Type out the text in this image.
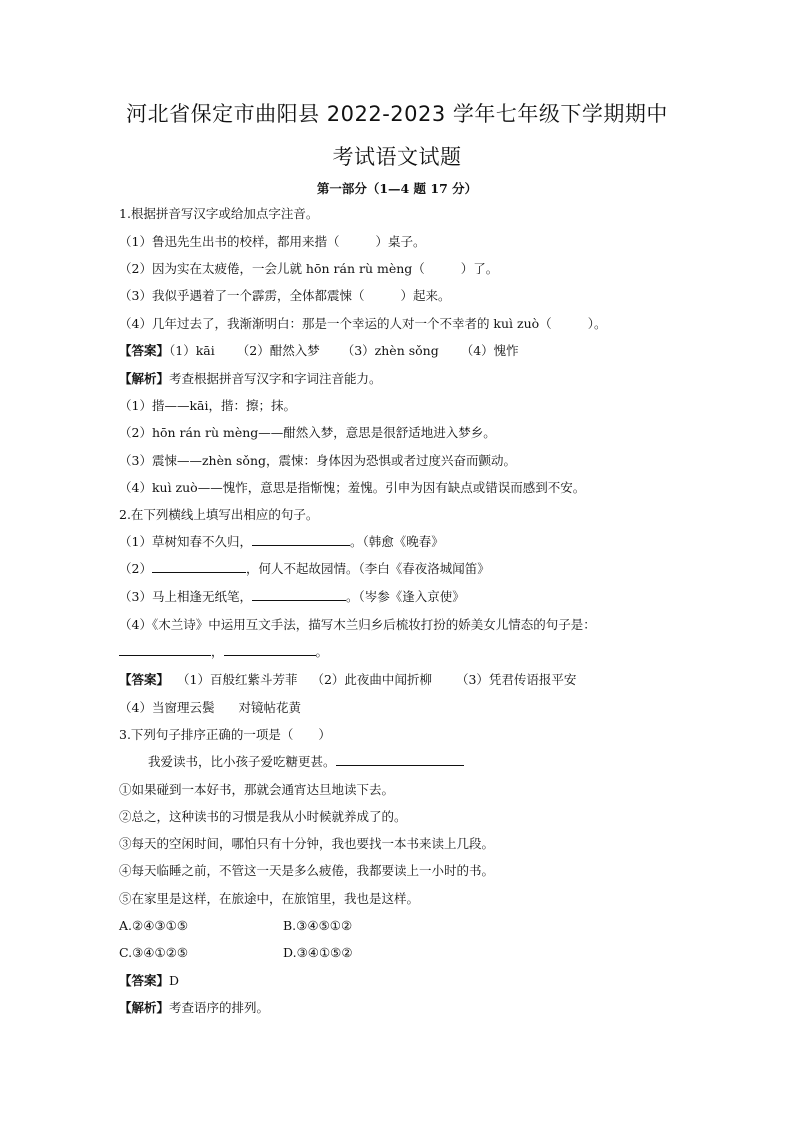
河北省保定市曲阳县 2022-2023 学年七年级下学期期中
考试语文试题
第一部分（1—4 题 17 分）
1.根据拼音写汉字或给加点字注音。
（1）鲁迅先生出书的校样，都用来揩（	）桌子。
（2）因为实在太疲倦，一会儿就 hōn rán rù mèng（	）了。
（3）我似乎遇着了一个霹雳，全体都震悚（	）起来。
（4）几年过去了，我渐渐明白：那是一个幸运的人对一个不幸者的 kuì zuò（	）。
【答案】（1）kāi （2）酣然入梦 （3）zhèn sǒng （4）愧怍
【解析】考查根据拼音写汉字和字词注音能力。
（1）揩——kāi，揩：擦；抹。
（2）hōn rán rù mèng——酣然入梦，意思是很舒适地进入梦乡。
（3）震悚——zhèn sǒng，震悚：身体因为恐惧或者过度兴奋而颤动。
（4）kuì zuò——愧怍，意思是指惭愧；羞愧。引申为因有缺点或错误而感到不安。
2.在下列横线上填写出相应的句子。
（1）草树知春不久归，	。（韩愈《晚春》
（2）	，何人不起故园情。（李白《春夜洛城闻笛》
（3）马上相逢无纸笔，	。（岑参《逢入京使》
（4）《木兰诗》中运用互文手法，描写木兰归乡后梳妆打扮的娇美女儿情态的句子是：
，	。
【答案】 （1）百般红紫斗芳菲 （2）此夜曲中闻折柳 （3）凭君传语报平安
（4）当窗理云鬓 对镜帖花黄
3.下列句子排序正确的一项是（　　）
我爱读书，比小孩子爱吃糖更甚。
①如果碰到一本好书，那就会通宵达旦地读下去。
②总之，这种读书的习惯是我从小时候就养成了的。
③每天的空闲时间，哪怕只有十分钟，我也要找一本书来读上几段。
④每天临睡之前，不管这一天是多么疲倦，我都要读上一小时的书。
⑤在家里是这样，在旅途中，在旅馆里，我也是这样。
A.②④③①⑤	B.③④⑤①②
C.③④①②⑤	D.③④①⑤②
【答案】D
【解析】考查语序的排列。
